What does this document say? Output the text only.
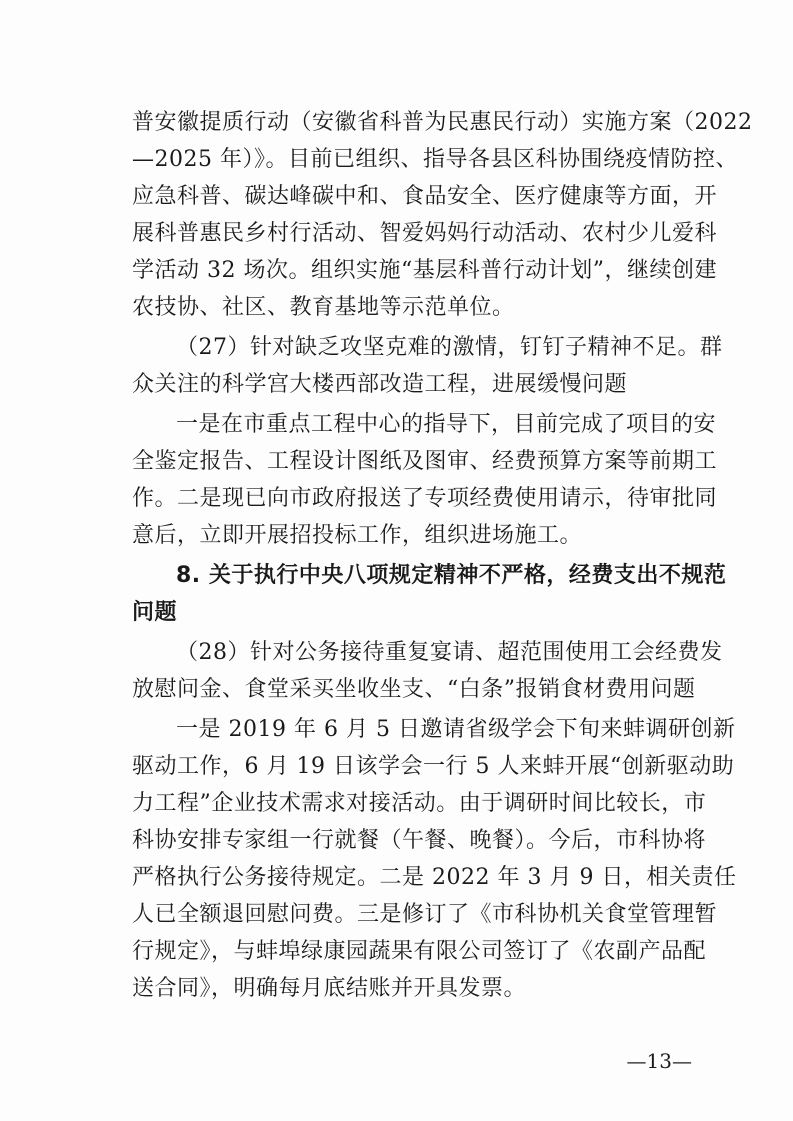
普安徽提质行动（安徽省科普为民惠民行动）实施方案（2022
—2025 年）》。目前已组织、指导各县区科协围绕疫情防控、
应急科普、碳达峰碳中和、食品安全、医疗健康等方面，开
展科普惠民乡村行活动、智爱妈妈行动活动、农村少儿爱科
学活动 32 场次。组织实施“基层科普行动计划”，继续创建
农技协、社区、教育基地等示范单位。
（27）针对缺乏攻坚克难的激情，钉钉子精神不足。群
众关注的科学宫大楼西部改造工程，进展缓慢问题
一是在市重点工程中心的指导下，目前完成了项目的安
全鉴定报告、工程设计图纸及图审、经费预算方案等前期工
作。二是现已向市政府报送了专项经费使用请示，待审批同
意后，立即开展招投标工作，组织进场施工。
8. 关于执行中央八项规定精神不严格，经费支出不规范
问题
（28）针对公务接待重复宴请、超范围使用工会经费发
放慰问金、食堂采买坐收坐支、“白条”报销食材费用问题
一是 2019 年 6 月 5 日邀请省级学会下旬来蚌调研创新
驱动工作，6 月 19 日该学会一行 5 人来蚌开展“创新驱动助
力工程”企业技术需求对接活动。由于调研时间比较长，市
科协安排专家组一行就餐（午餐、晚餐）。今后，市科协将
严格执行公务接待规定。二是 2022 年 3 月 9 日，相关责任
人已全额退回慰问费。三是修订了《市科协机关食堂管理暂
行规定》，与蚌埠绿康园蔬果有限公司签订了《农副产品配
送合同》，明确每月底结账并开具发票。
—13—
